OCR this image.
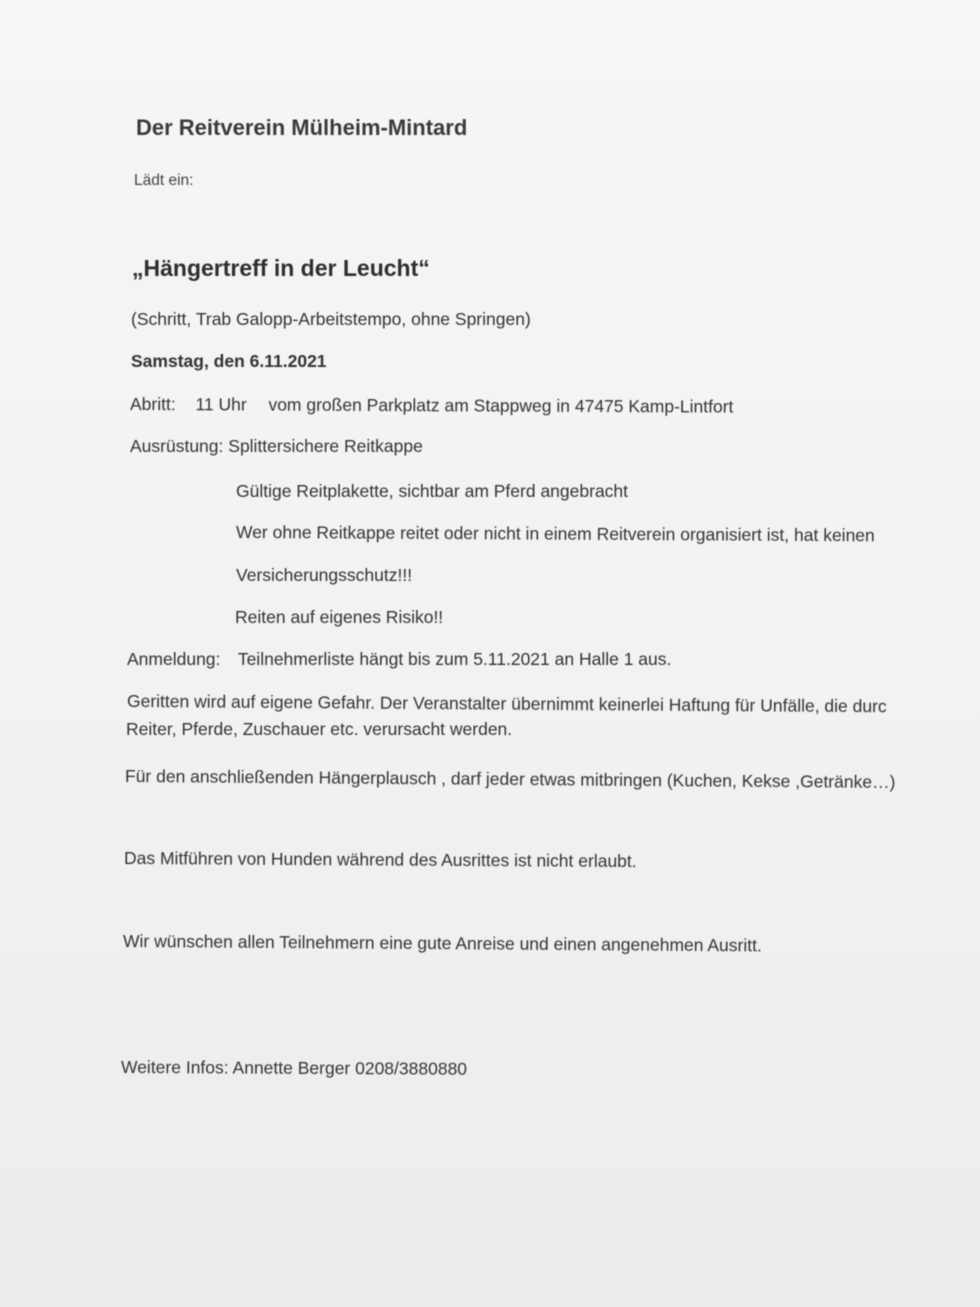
Der Reitverein Mülheim-Mintard
Lädt ein:
„Hängertreff in der Leucht“
(Schritt, Trab Galopp-Arbeitstempo, ohne Springen)
Samstag, den 6.11.2021
Abritt: 11 Uhr vom großen Parkplatz am Stappweg in 47475 Kamp-Lintfort
Ausrüstung: Splittersichere Reitkappe
Gültige Reitplakette, sichtbar am Pferd angebracht
Wer ohne Reitkappe reitet oder nicht in einem Reitverein organisiert ist, hat keinen
Versicherungsschutz!!!
Reiten auf eigenes Risiko!!
Anmeldung: Teilnehmerliste hängt bis zum 5.11.2021 an Halle 1 aus.
Geritten wird auf eigene Gefahr. Der Veranstalter übernimmt keinerlei Haftung für Unfälle, die durc
Reiter, Pferde, Zuschauer etc. verursacht werden.
Für den anschließenden Hängerplausch , darf jeder etwas mitbringen (Kuchen, Kekse ,Getränke…)
Das Mitführen von Hunden während des Ausrittes ist nicht erlaubt.
Wir wünschen allen Teilnehmern eine gute Anreise und einen angenehmen Ausritt.
Weitere Infos: Annette Berger 0208/3880880
